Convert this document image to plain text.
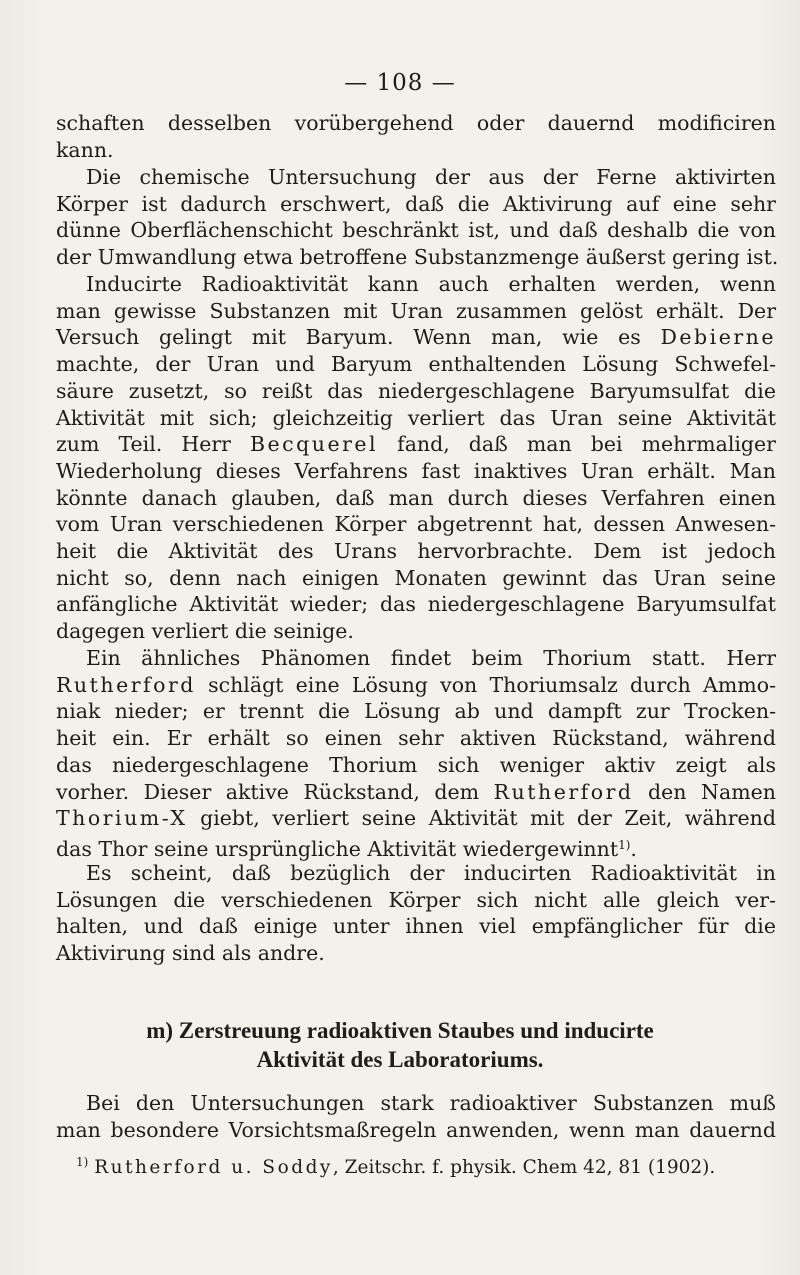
— 108 —
schaften desselben vorübergehend oder dauernd modificiren
kann.
Die chemische Untersuchung der aus der Ferne aktivirten
Körper ist dadurch erschwert, daß die Aktivirung auf eine sehr
dünne Oberflächenschicht beschränkt ist, und daß deshalb die von
der Umwandlung etwa betroffene Substanzmenge äußerst gering ist.
Inducirte Radioaktivität kann auch erhalten werden, wenn
man gewisse Substanzen mit Uran zusammen gelöst erhält. Der
Versuch gelingt mit Baryum. Wenn man, wie es Debierne
machte, der Uran und Baryum enthaltenden Lösung Schwefel-
säure zusetzt, so reißt das niedergeschlagene Baryumsulfat die
Aktivität mit sich; gleichzeitig verliert das Uran seine Aktivität
zum Teil. Herr Becquerel fand, daß man bei mehrmaliger
Wiederholung dieses Verfahrens fast inaktives Uran erhält. Man
könnte danach glauben, daß man durch dieses Verfahren einen
vom Uran verschiedenen Körper abgetrennt hat, dessen Anwesen-
heit die Aktivität des Urans hervorbrachte. Dem ist jedoch
nicht so, denn nach einigen Monaten gewinnt das Uran seine
anfängliche Aktivität wieder; das niedergeschlagene Baryumsulfat
dagegen verliert die seinige.
Ein ähnliches Phänomen findet beim Thorium statt. Herr
Rutherford schlägt eine Lösung von Thoriumsalz durch Ammo-
niak nieder; er trennt die Lösung ab und dampft zur Trocken-
heit ein. Er erhält so einen sehr aktiven Rückstand, während
das niedergeschlagene Thorium sich weniger aktiv zeigt als
vorher. Dieser aktive Rückstand, dem Rutherford den Namen
Thorium-X giebt, verliert seine Aktivität mit der Zeit, während
das Thor seine ursprüngliche Aktivität wiedergewinnt$^{1)}$.
Es scheint, daß bezüglich der inducirten Radioaktivität in
Lösungen die verschiedenen Körper sich nicht alle gleich ver-
halten, und daß einige unter ihnen viel empfänglicher für die
Aktivirung sind als andre.
m) Zerstreuung radioaktiven Staubes und inducirte
Aktivität des Laboratoriums.
Bei den Untersuchungen stark radioaktiver Substanzen muß
man besondere Vorsichtsmaßregeln anwenden, wenn man dauernd
$^{1)}$ Rutherford u. Soddy, Zeitschr. f. physik. Chem 42, 81 (1902).
